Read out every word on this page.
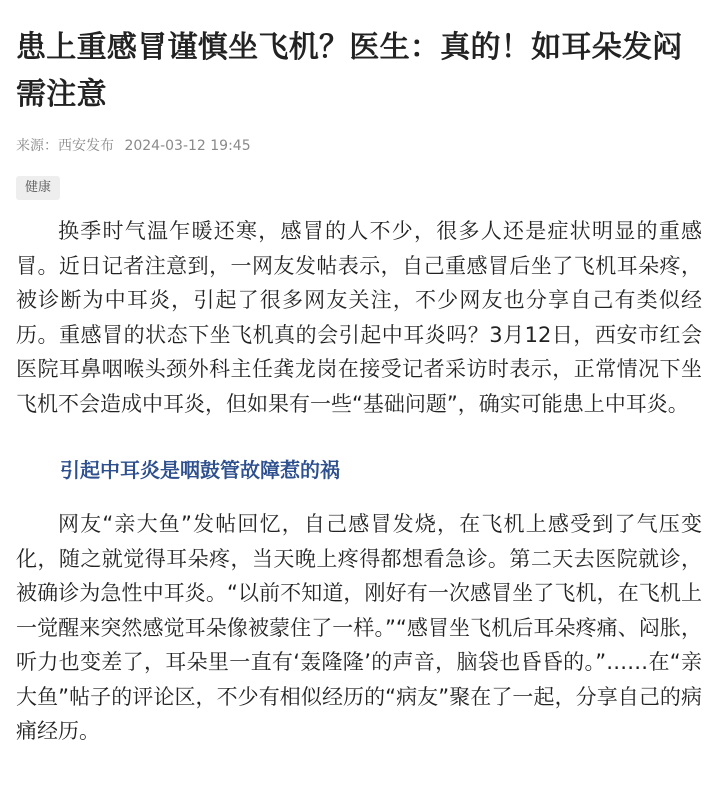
患上重感冒谨慎坐飞机？医生：真的！如耳朵发闷需注意
来源：西安发布 2024-03-12 19:45
健康

换季时气温乍暖还寒，感冒的人不少，很多人还是症状明显的重感冒。近日记者注意到，一网友发帖表示，自己重感冒后坐了飞机耳朵疼，被诊断为中耳炎，引起了很多网友关注，不少网友也分享自己有类似经历。重感冒的状态下坐飞机真的会引起中耳炎吗？3月12日，西安市红会医院耳鼻咽喉头颈外科主任龚龙岗在接受记者采访时表示，正常情况下坐飞机不会造成中耳炎，但如果有一些“基础问题”，确实可能患上中耳炎。

引起中耳炎是咽鼓管故障惹的祸

网友“亲大鱼”发帖回忆，自己感冒发烧，在飞机上感受到了气压变化，随之就觉得耳朵疼，当天晚上疼得都想看急诊。第二天去医院就诊，被确诊为急性中耳炎。“以前不知道，刚好有一次感冒坐了飞机，在飞机上一觉醒来突然感觉耳朵像被蒙住了一样。”“感冒坐飞机后耳朵疼痛、闷胀，听力也变差了，耳朵里一直有‘轰隆隆’的声音，脑袋也昏昏的。”……在“亲大鱼”帖子的评论区，不少有相似经历的“病友”聚在了一起，分享自己的病痛经历。
